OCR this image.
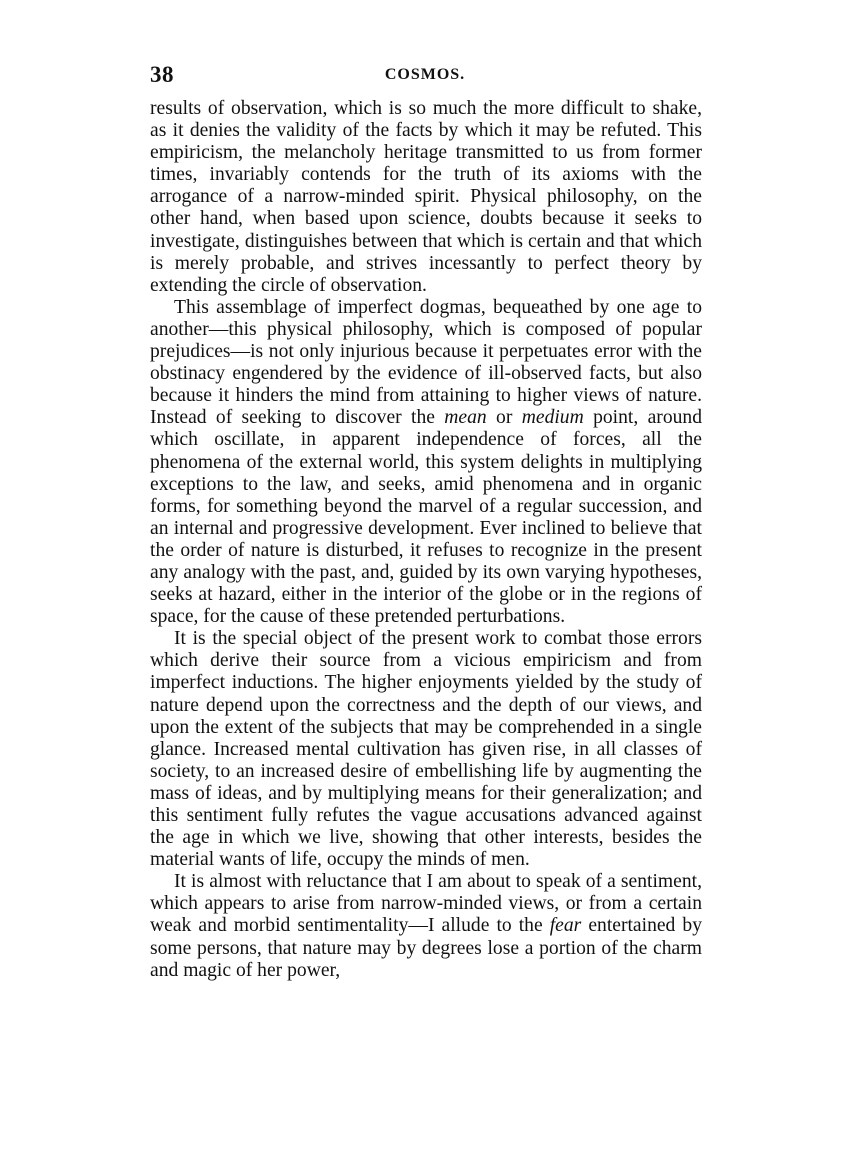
38	COSMOS.

results of observation, which is so much the more difficult to shake, as it denies the validity of the facts by which it may be refuted. This empiricism, the melancholy heritage transmitted to us from former times, invariably contends for the truth of its axioms with the arrogance of a narrow-minded spirit. Physical philosophy, on the other hand, when based upon science, doubts because it seeks to investigate, distinguishes between that which is certain and that which is merely probable, and strives incessantly to perfect theory by extending the circle of observation.

This assemblage of imperfect dogmas, bequeathed by one age to another—this physical philosophy, which is composed of popular prejudices—is not only injurious because it perpetuates error with the obstinacy engendered by the evidence of ill-observed facts, but also because it hinders the mind from attaining to higher views of nature. Instead of seeking to discover the mean or medium point, around which oscillate, in apparent independence of forces, all the phenomena of the external world, this system delights in multiplying exceptions to the law, and seeks, amid phenomena and in organic forms, for something beyond the marvel of a regular succession, and an internal and progressive development. Ever inclined to believe that the order of nature is disturbed, it refuses to recognize in the present any analogy with the past, and, guided by its own varying hypotheses, seeks at hazard, either in the interior of the globe or in the regions of space, for the cause of these pretended perturbations.

It is the special object of the present work to combat those errors which derive their source from a vicious empiricism and from imperfect inductions. The higher enjoyments yielded by the study of nature depend upon the correctness and the depth of our views, and upon the extent of the subjects that may be comprehended in a single glance. Increased mental cultivation has given rise, in all classes of society, to an increased desire of embellishing life by augmenting the mass of ideas, and by multiplying means for their generalization; and this sentiment fully refutes the vague accusations advanced against the age in which we live, showing that other interests, besides the material wants of life, occupy the minds of men.

It is almost with reluctance that I am about to speak of a sentiment, which appears to arise from narrow-minded views, or from a certain weak and morbid sentimentality—I allude to the fear entertained by some persons, that nature may by degrees lose a portion of the charm and magic of her power,
